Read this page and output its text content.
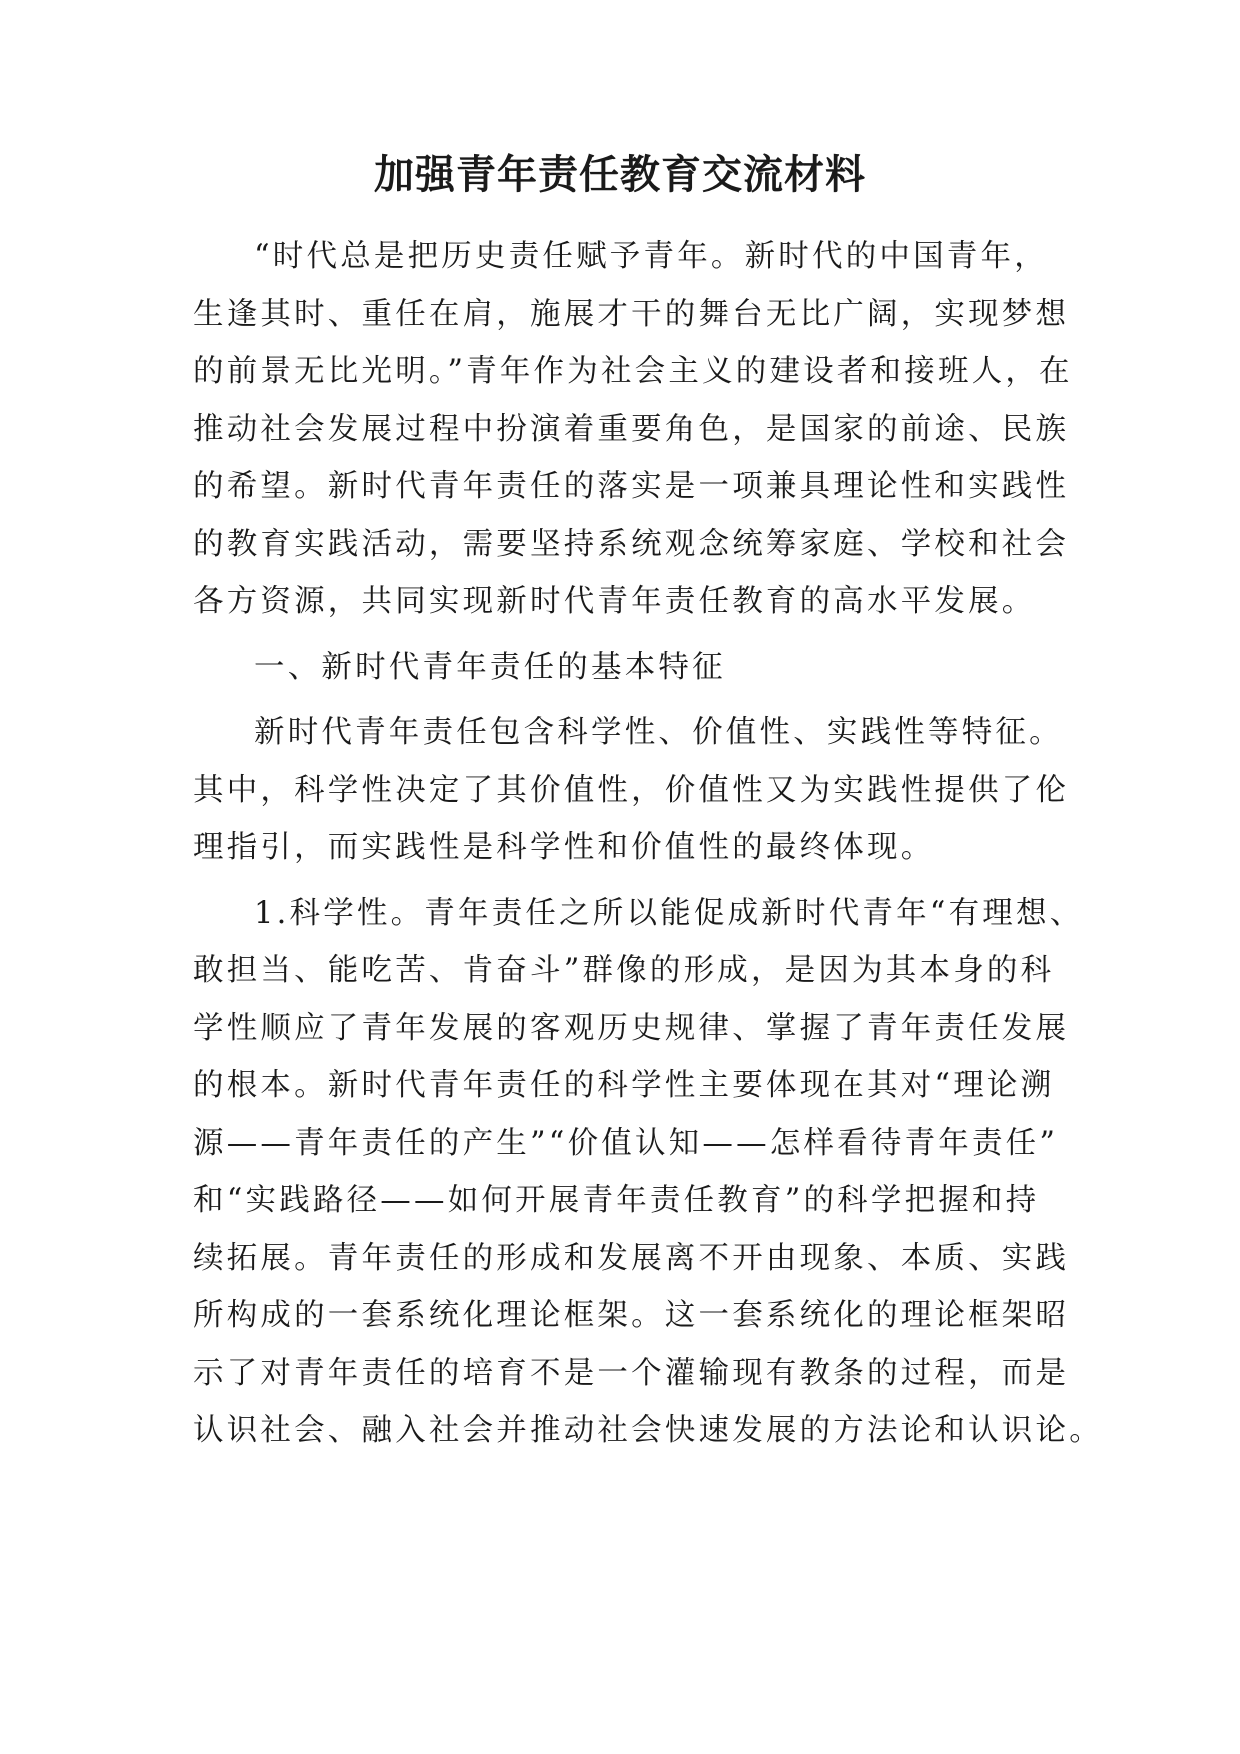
加强青年责任教育交流材料

“时代总是把历史责任赋予青年。新时代的中国青年，
生逢其时、重任在肩，施展才干的舞台无比广阔，实现梦想
的前景无比光明。”青年作为社会主义的建设者和接班人，在
推动社会发展过程中扮演着重要角色，是国家的前途、民族
的希望。新时代青年责任的落实是一项兼具理论性和实践性
的教育实践活动，需要坚持系统观念统筹家庭、学校和社会
各方资源，共同实现新时代青年责任教育的高水平发展。

一、新时代青年责任的基本特征

新时代青年责任包含科学性、价值性、实践性等特征。
其中，科学性决定了其价值性，价值性又为实践性提供了伦
理指引，而实践性是科学性和价值性的最终体现。

1.科学性。青年责任之所以能促成新时代青年“有理想、
敢担当、能吃苦、肯奋斗”群像的形成，是因为其本身的科
学性顺应了青年发展的客观历史规律、掌握了青年责任发展
的根本。新时代青年责任的科学性主要体现在其对“理论溯
源——青年责任的产生”“价值认知——怎样看待青年责任”
和“实践路径——如何开展青年责任教育”的科学把握和持
续拓展。青年责任的形成和发展离不开由现象、本质、实践
所构成的一套系统化理论框架。这一套系统化的理论框架昭
示了对青年责任的培育不是一个灌输现有教条的过程，而是
认识社会、融入社会并推动社会快速发展的方法论和认识论。
